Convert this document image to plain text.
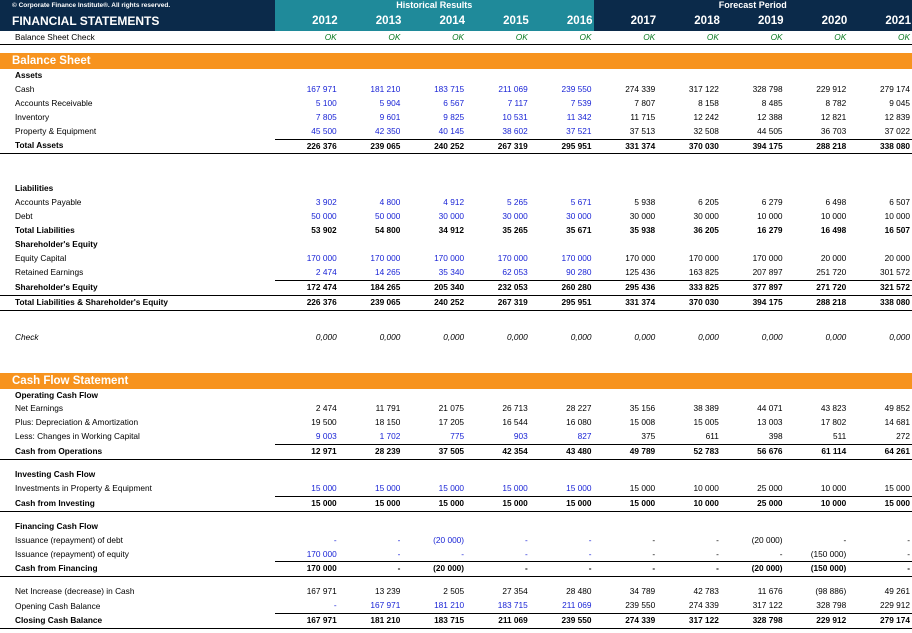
© Corporate Finance Institute®. All rights reserved.	Historical Results					Forecast Period				
FINANCIAL STATEMENTS	2012	2013	2014	2015	2016	2017	2018	2019	2020	2021
Balance Sheet Check	OK	OK	OK	OK	OK	OK	OK	OK	OK	OK

Balance Sheet										
Assets										
Cash	167 971	181 210	183 715	211 069	239 550	274 339	317 122	328 798	229 912	279 174
Accounts Receivable	5 100	5 904	6 567	7 117	7 539	7 807	8 158	8 485	8 782	9 045
Inventory	7 805	9 601	9 825	10 531	11 342	11 715	12 242	12 388	12 821	12 839
Property & Equipment	45 500	42 350	40 145	38 602	37 521	37 513	32 508	44 505	36 703	37 022
Total Assets	226 376	239 065	240 252	267 319	295 951	331 374	370 030	394 175	288 218	338 080

Liabilities										
Accounts Payable	3 902	4 800	4 912	5 265	5 671	5 938	6 205	6 279	6 498	6 507
Debt	50 000	50 000	30 000	30 000	30 000	30 000	30 000	10 000	10 000	10 000
Total Liabilities	53 902	54 800	34 912	35 265	35 671	35 938	36 205	16 279	16 498	16 507
Shareholder's Equity										
Equity Capital	170 000	170 000	170 000	170 000	170 000	170 000	170 000	170 000	20 000	20 000
Retained Earnings	2 474	14 265	35 340	62 053	90 280	125 436	163 825	207 897	251 720	301 572
Shareholder's Equity	172 474	184 265	205 340	232 053	260 280	295 436	333 825	377 897	271 720	321 572
Total Liabilities & Shareholder's Equity	226 376	239 065	240 252	267 319	295 951	331 374	370 030	394 175	288 218	338 080

Check	0,000	0,000	0,000	0,000	0,000	0,000	0,000	0,000	0,000	0,000

Cash Flow Statement										
Operating Cash Flow										
Net Earnings	2 474	11 791	21 075	26 713	28 227	35 156	38 389	44 071	43 823	49 852
Plus: Depreciation & Amortization	19 500	18 150	17 205	16 544	16 080	15 008	15 005	13 003	17 802	14 681
Less: Changes in Working Capital	9 003	1 702	775	903	827	375	611	398	511	272
Cash from Operations	12 971	28 239	37 505	42 354	43 480	49 789	52 783	56 676	61 114	64 261

Investing Cash Flow										
Investments in Property & Equipment	15 000	15 000	15 000	15 000	15 000	15 000	10 000	25 000	10 000	15 000
Cash from Investing	15 000	15 000	15 000	15 000	15 000	15 000	10 000	25 000	10 000	15 000

Financing Cash Flow										
Issuance (repayment) of debt	-	-	(20 000)	-	-	-	-	(20 000)	-	-
Issuance (repayment) of equity	170 000	-	-	-	-	-	-	-	(150 000)	-
Cash from Financing	170 000	-	(20 000)	-	-	-	-	(20 000)	(150 000)	-

Net Increase (decrease) in Cash	167 971	13 239	2 505	27 354	28 480	34 789	42 783	11 676	(98 886)	49 261
Opening Cash Balance	-	167 971	181 210	183 715	211 069	239 550	274 339	317 122	328 798	229 912
Closing Cash Balance	167 971	181 210	183 715	211 069	239 550	274 339	317 122	328 798	229 912	279 174
